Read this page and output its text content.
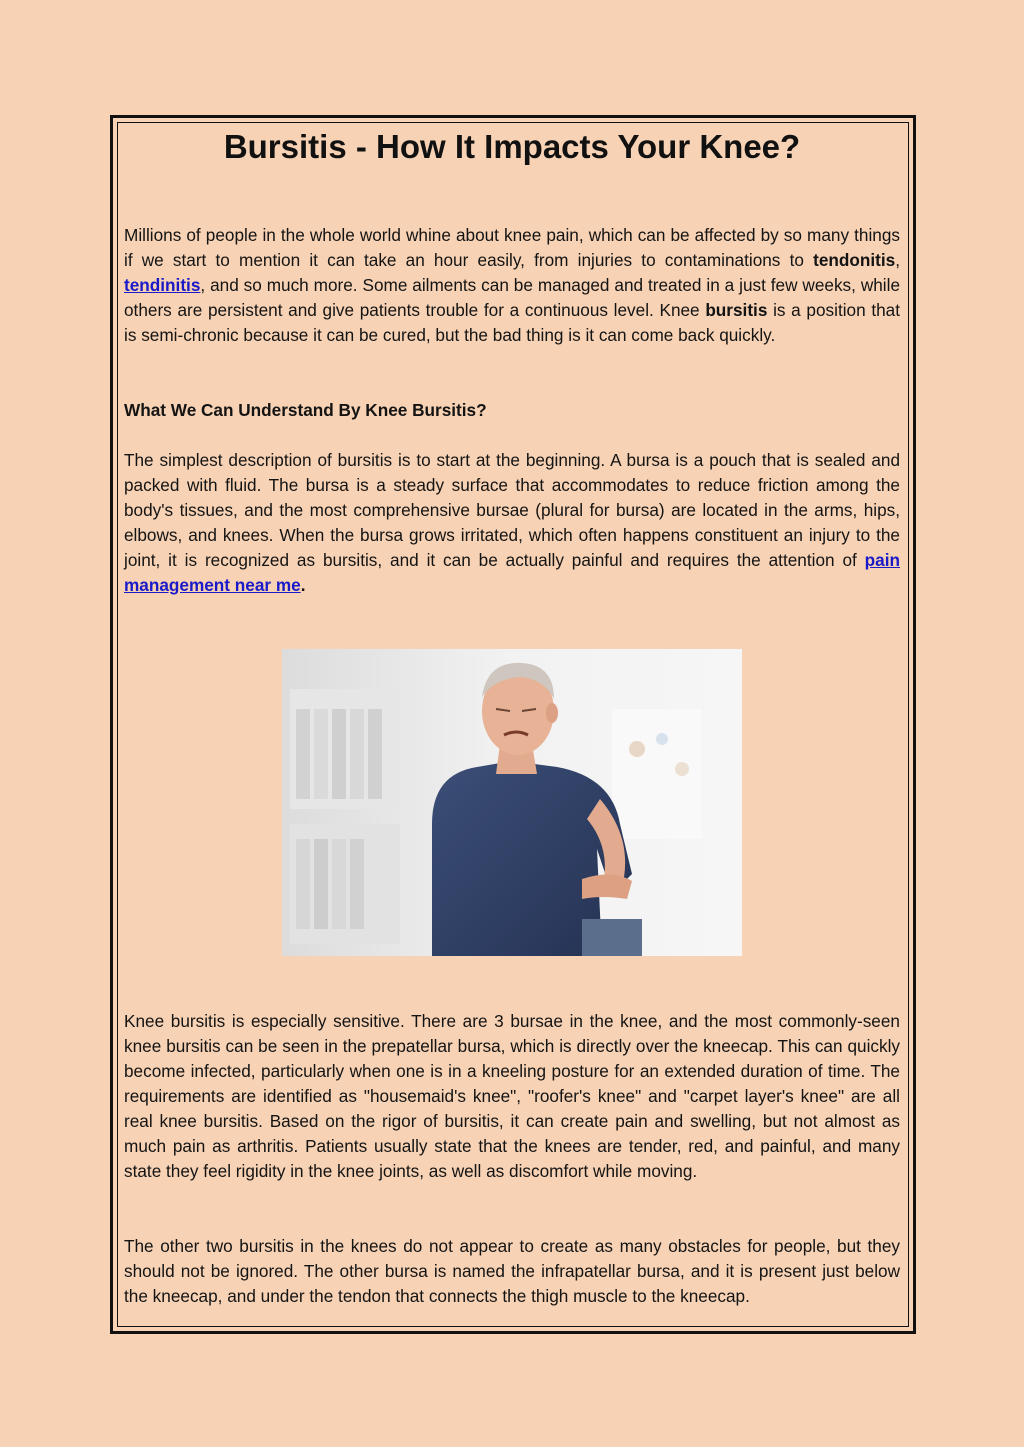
Bursitis - How It Impacts Your Knee?

Millions of people in the whole world whine about knee pain, which can be affected by so many things if we start to mention it can take an hour easily, from injuries to contaminations to tendonitis, tendinitis, and so much more. Some ailments can be managed and treated in a just few weeks, while others are persistent and give patients trouble for a continuous level. Knee bursitis is a position that is semi-chronic because it can be cured, but the bad thing is it can come back quickly.

What We Can Understand By Knee Bursitis?

The simplest description of bursitis is to start at the beginning. A bursa is a pouch that is sealed and packed with fluid. The bursa is a steady surface that accommodates to reduce friction among the body's tissues, and the most comprehensive bursae (plural for bursa) are located in the arms, hips, elbows, and knees. When the bursa grows irritated, which often happens constituent an injury to the joint, it is recognized as bursitis, and it can be actually painful and requires the attention of pain management near me.

Knee bursitis is especially sensitive. There are 3 bursae in the knee, and the most commonly-seen knee bursitis can be seen in the prepatellar bursa, which is directly over the kneecap. This can quickly become infected, particularly when one is in a kneeling posture for an extended duration of time. The requirements are identified as "housemaid's knee", "roofer's knee" and "carpet layer's knee" are all real knee bursitis. Based on the rigor of bursitis, it can create pain and swelling, but not almost as much pain as arthritis. Patients usually state that the knees are tender, red, and painful, and many state they feel rigidity in the knee joints, as well as discomfort while moving.

The other two bursitis in the knees do not appear to create as many obstacles for people, but they should not be ignored. The other bursa is named the infrapatellar bursa, and it is present just below the kneecap, and under the tendon that connects the thigh muscle to the kneecap.
